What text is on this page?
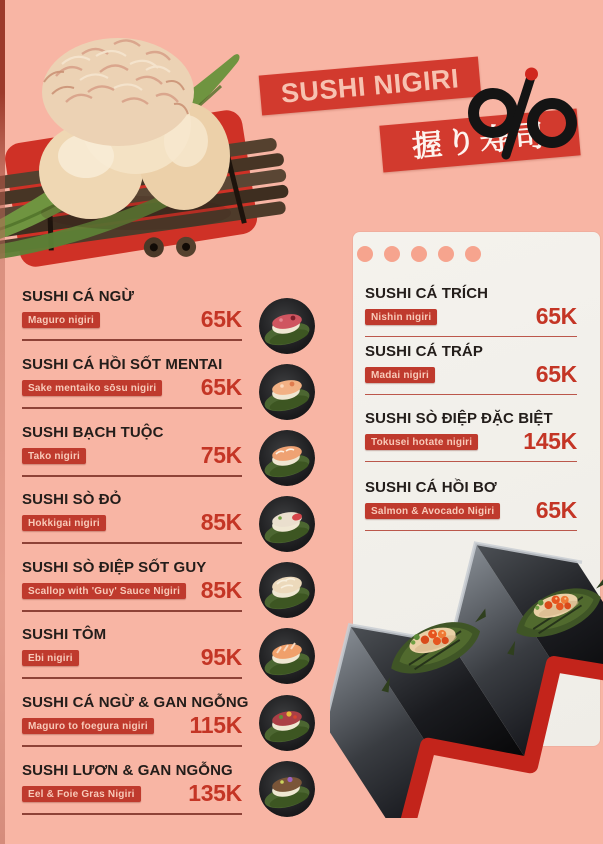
SUSHI NIGIRI
握り寿司
SUSHI CÁ NGỪ
Maguro nigiri	65K
SUSHI CÁ HỒI SỐT MENTAI
Sake mentaiko sōsu nigiri 65K
SUSHI BẠCH TUỘC
Tako nigiri	75K
SUSHI SÒ ĐỎ
Hokkigai nigiri	85K
SUSHI SÒ ĐIỆP SỐT GUY
Scallop with 'Guy' Sauce Nigiri 85K
SUSHI TÔM
Ebi nigiri	95K
SUSHI CÁ NGỪ & GAN NGỖNG
Maguro to foegura nigiri 115K
SUSHI LƯƠN & GAN NGỖNG
Eel & Foie Gras Nigiri 135K
SUSHI CÁ TRÍCH
Nishin nigiri	65K
SUSHI CÁ TRÁP
Madai nigiri	65K
SUSHI SÒ ĐIỆP ĐẶC BIỆT
Tokusei hotate nigiri 145K
SUSHI CÁ HỒI BƠ
Salmon & Avocado Nigiri 65K
